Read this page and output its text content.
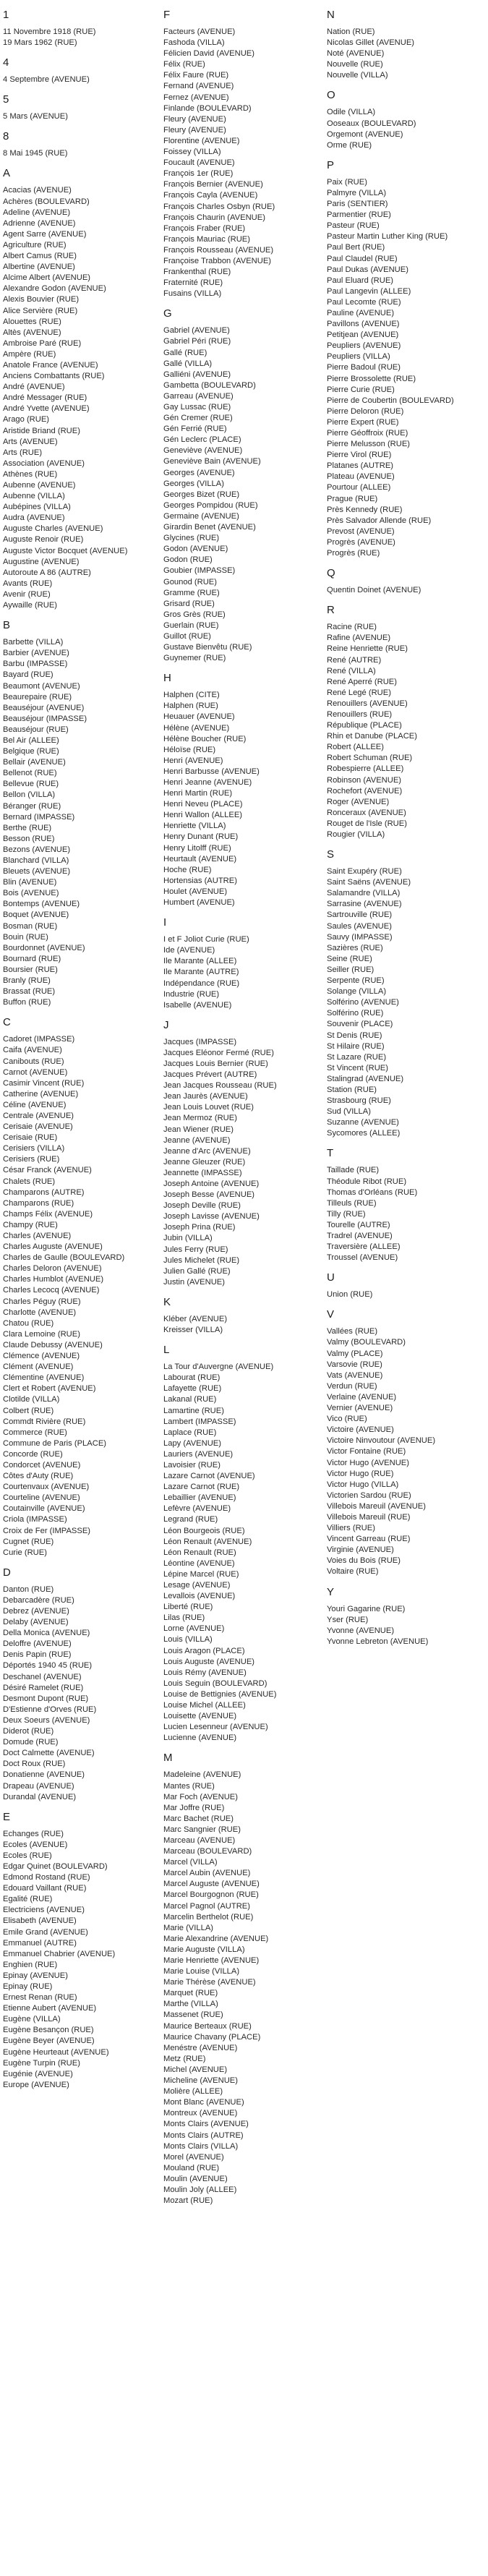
1
11 Novembre 1918 (RUE)
19 Mars 1962 (RUE)
4
4 Septembre (AVENUE)
5
5 Mars (AVENUE)
8
8 Mai 1945 (RUE)
A
Acacias (AVENUE)
Achères (BOULEVARD)
Adeline (AVENUE)
Adrienne (AVENUE)
Agent Sarre (AVENUE)
Agriculture (RUE)
Albert Camus (RUE)
Albertine (AVENUE)
Alcime Albert (AVENUE)
Alexandre Godon (AVENUE)
Alexis Bouvier (RUE)
Alice Servière (RUE)
Alouettes (RUE)
Altès (AVENUE)
Ambroise Paré (RUE)
Ampère (RUE)
Anatole France (AVENUE)
Anciens Combattants (RUE)
André (AVENUE)
André Messager (RUE)
André Yvette (AVENUE)
Arago (RUE)
Aristide Briand (RUE)
Arts (AVENUE)
Arts (RUE)
Association (AVENUE)
Athènes (RUE)
Aubenne (AVENUE)
Aubenne (VILLA)
Aubépines (VILLA)
Audra (AVENUE)
Auguste Charles (AVENUE)
Auguste Renoir (RUE)
Auguste Victor Bocquet (AVENUE)
Augustine (AVENUE)
Autoroute A 86 (AUTRE)
Avants (RUE)
Avenir (RUE)
Aywaille (RUE)
B
Barbette (VILLA)
Barbier (AVENUE)
Barbu (IMPASSE)
Bayard (RUE)
Beaumont (AVENUE)
Beaurepaire (RUE)
Beauséjour (AVENUE)
Beauséjour (IMPASSE)
Beauséjour (RUE)
Bel Air (ALLEE)
Belgique (RUE)
Bellair (AVENUE)
Bellenot (RUE)
Bellevue (RUE)
Bellon (VILLA)
Béranger (RUE)
Bernard (IMPASSE)
Berthe (RUE)
Besson (RUE)
Bezons (AVENUE)
Blanchard (VILLA)
Bleuets (AVENUE)
Blin (AVENUE)
Bois (AVENUE)
Bontemps (AVENUE)
Boquet (AVENUE)
Bosman (RUE)
Bouin (RUE)
Bourdonnet (AVENUE)
Bournard (RUE)
Boursier (RUE)
Branly (RUE)
Brassat (RUE)
Buffon (RUE)
C
Cadoret (IMPASSE)
Caifa (AVENUE)
Canibouts (RUE)
Carnot (AVENUE)
Casimir Vincent (RUE)
Catherine (AVENUE)
Céline (AVENUE)
Centrale (AVENUE)
Cerisaie (AVENUE)
Cerisaie (RUE)
Cerisiers (VILLA)
Cerisiers (RUE)
César Franck (AVENUE)
Chalets (RUE)
Champarons (AUTRE)
Champarons (RUE)
Champs Félix (AVENUE)
Champy (RUE)
Charles (AVENUE)
Charles Auguste (AVENUE)
Charles de Gaulle (BOULEVARD)
Charles Deloron (AVENUE)
Charles Humblot (AVENUE)
Charles Lecocq (AVENUE)
Charles Péguy (RUE)
Charlotte (AVENUE)
Chatou (RUE)
Clara Lemoine (RUE)
Claude Debussy (AVENUE)
Clémence (AVENUE)
Clément (AVENUE)
Clémentine (AVENUE)
Clert et Robert (AVENUE)
Clotilde (VILLA)
Colbert (RUE)
Commdt Rivière (RUE)
Commerce (RUE)
Commune de Paris (PLACE)
Concorde (RUE)
Condorcet (AVENUE)
Côtes d'Auty (RUE)
Courtenvaux (AVENUE)
Courteline (AVENUE)
Coutainville (AVENUE)
Criola (IMPASSE)
Croix de Fer (IMPASSE)
Cugnet (RUE)
Curie (RUE)
D
Danton (RUE)
Debarcadère (RUE)
Debrez (AVENUE)
Delaby (AVENUE)
Della Monica (AVENUE)
Deloffre (AVENUE)
Denis Papin (RUE)
Déportés 1940 45 (RUE)
Deschanel (AVENUE)
Désiré Ramelet (RUE)
Desmont Dupont (RUE)
D'Estienne d'Orves (RUE)
Deux Soeurs (AVENUE)
Diderot (RUE)
Domude (RUE)
Doct Calmette (AVENUE)
Doct Roux (RUE)
Donatienne (AVENUE)
Drapeau (AVENUE)
Durandal (AVENUE)
E
Echanges (RUE)
Ecoles (AVENUE)
Ecoles (RUE)
Edgar Quinet (BOULEVARD)
Edmond Rostand (RUE)
Edouard Vaillant (RUE)
Egalité (RUE)
Electriciens (AVENUE)
Elisabeth (AVENUE)
Emile Grand (AVENUE)
Emmanuel (AUTRE)
Emmanuel Chabrier (AVENUE)
Enghien (RUE)
Epinay (AVENUE)
Epinay (RUE)
Ernest Renan (RUE)
Etienne Aubert (AVENUE)
Eugène (VILLA)
Eugène Besançon (RUE)
Eugène Beyer (AVENUE)
Eugène Heurteaut (AVENUE)
Eugène Turpin (RUE)
Eugénie (AVENUE)
Europe (AVENUE)
F
Facteurs (AVENUE)
Fashoda (VILLA)
Félicien David (AVENUE)
Félix (RUE)
Félix Faure (RUE)
Fernand (AVENUE)
Fernez (AVENUE)
Finlande (BOULEVARD)
Fleury (AVENUE)
Fleury (AVENUE)
Florentine (AVENUE)
Foissey (VILLA)
Foucault (AVENUE)
François 1er (RUE)
François Bernier (AVENUE)
François Cayla (AVENUE)
François Charles Osbyn (RUE)
François Chaurin (AVENUE)
François Fraber (RUE)
François Mauriac (RUE)
François Rousseau (AVENUE)
Françoise Trabbon (AVENUE)
Frankenthal (RUE)
Fraternité (RUE)
Fusains (VILLA)
G
Gabriel (AVENUE)
Gabriel Péri (RUE)
Gallé (RUE)
Gallé (VILLA)
Galliéni (AVENUE)
Gambetta (BOULEVARD)
Garreau (AVENUE)
Gay Lussac (RUE)
Gén Cremer (RUE)
Gén Ferrié (RUE)
Gén Leclerc (PLACE)
Geneviève (AVENUE)
Geneviève Bain (AVENUE)
Georges (AVENUE)
Georges (VILLA)
Georges Bizet (RUE)
Georges Pompidou (RUE)
Germaine (AVENUE)
Girardin Benet (AVENUE)
Glycines (RUE)
Godon (AVENUE)
Godon (RUE)
Goubier (IMPASSE)
Gounod (RUE)
Gramme (RUE)
Grisard (RUE)
Gros Grès (RUE)
Guerlain (RUE)
Guillot (RUE)
Gustave Bienvêtu (RUE)
Guynemer (RUE)
H
Halphen (CITE)
Halphen (RUE)
Heuauer (AVENUE)
Hélène (AVENUE)
Hélène Boucher (RUE)
Héloïse (RUE)
Henri (AVENUE)
Henri Barbusse (AVENUE)
Henri Jeanne (AVENUE)
Henri Martin (RUE)
Henri Neveu (PLACE)
Henri Wallon (ALLEE)
Henriette (VILLA)
Henry Dunant (RUE)
Henry Litolff (RUE)
Heurtault (AVENUE)
Hoche (RUE)
Hortensias (AUTRE)
Houlet (AVENUE)
Humbert (AVENUE)
I
I et F Joliot Curie (RUE)
Ide (AVENUE)
Ile Marante (ALLEE)
Ile Marante (AUTRE)
Indépendance (RUE)
Industrie (RUE)
Isabelle (AVENUE)
J
Jacques (IMPASSE)
Jacques Eléonor Fermé (RUE)
Jacques Louis Bernier (RUE)
Jacques Prévert (AUTRE)
Jean Jacques Rousseau (RUE)
Jean Jaurès (AVENUE)
Jean Louis Louvet (RUE)
Jean Mermoz (RUE)
Jean Wiener (RUE)
Jeanne (AVENUE)
Jeanne d'Arc (AVENUE)
Jeanne Gleuzer (RUE)
Jeannette (IMPASSE)
Joseph Antoine (AVENUE)
Joseph Besse (AVENUE)
Joseph Deville (RUE)
Joseph Lavisse (AVENUE)
Joseph Prina (RUE)
Jubin (VILLA)
Jules Ferry (RUE)
Jules Michelet (RUE)
Julien Gallé (RUE)
Justin (AVENUE)
K
Kléber (AVENUE)
Kreisser (VILLA)
L
La Tour d'Auvergne (AVENUE)
Labourat (RUE)
Lafayette (RUE)
Lakanal (RUE)
Lamartine (RUE)
Lambert (IMPASSE)
Laplace (RUE)
Lapy (AVENUE)
Lauriers (AVENUE)
Lavoisier (RUE)
Lazare Carnot (AVENUE)
Lazare Carnot (RUE)
Lebaillier (AVENUE)
Lefèvre (AVENUE)
Legrand (RUE)
Léon Bourgeois (RUE)
Léon Renault (AVENUE)
Léon Renault (RUE)
Léontine (AVENUE)
Lépine Marcel (RUE)
Lesage (AVENUE)
Levallois (AVENUE)
Liberté (RUE)
Lilas (RUE)
Lorne (AVENUE)
Louis (VILLA)
Louis Aragon (PLACE)
Louis Auguste (AVENUE)
Louis Rémy (AVENUE)
Louis Seguin (BOULEVARD)
Louise de Bettignies (AVENUE)
Louise Michel (ALLEE)
Louisette (AVENUE)
Lucien Lesenneur (AVENUE)
Lucienne (AVENUE)
M
Madeleine (AVENUE)
Mantes (RUE)
Mar Foch (AVENUE)
Mar Joffre (RUE)
Marc Bachet (RUE)
Marc Sangnier (RUE)
Marceau (AVENUE)
Marceau (BOULEVARD)
Marcel (VILLA)
Marcel Aubin (AVENUE)
Marcel Auguste (AVENUE)
Marcel Bourgognon (RUE)
Marcel Pagnol (AUTRE)
Marcelin Berthelot (RUE)
Marie (VILLA)
Marie Alexandrine (AVENUE)
Marie Auguste (VILLA)
Marie Henriette (AVENUE)
Marie Louise (VILLA)
Marie Thérèse (AVENUE)
Marquet (RUE)
Marthe (VILLA)
Massenet (RUE)
Maurice Berteaux (RUE)
Maurice Chavany (PLACE)
Menéstre (AVENUE)
Metz (RUE)
Michel (AVENUE)
Micheline (AVENUE)
Molière (ALLEE)
Mont Blanc (AVENUE)
Montreux (AVENUE)
Monts Clairs (AVENUE)
Monts Clairs (AUTRE)
Monts Clairs (VILLA)
Morel (AVENUE)
Mouland (RUE)
Moulin (AVENUE)
Moulin Joly (ALLEE)
Mozart (RUE)
N
Nation (RUE)
Nicolas Gillet (AVENUE)
Noté (AVENUE)
Nouvelle (RUE)
Nouvelle (VILLA)
O
Odile (VILLA)
Ooseaux (BOULEVARD)
Orgemont (AVENUE)
Orme (RUE)
P
Paix (RUE)
Palmyre (VILLA)
Paris (SENTIER)
Parmentier (RUE)
Pasteur (RUE)
Pasteur Martin Luther King (RUE)
Paul Bert (RUE)
Paul Claudel (RUE)
Paul Dukas (AVENUE)
Paul Eluard (RUE)
Paul Langevin (ALLEE)
Paul Lecomte (RUE)
Pauline (AVENUE)
Pavillons (AVENUE)
Petitjean (AVENUE)
Peupliers (AVENUE)
Peupliers (VILLA)
Pierre Badoul (RUE)
Pierre Brossolette (RUE)
Pierre Curie (RUE)
Pierre de Coubertin (BOULEVARD)
Pierre Deloron (RUE)
Pierre Expert (RUE)
Pierre Géoffroix (RUE)
Pierre Melusson (RUE)
Pierre Virol (RUE)
Platanes (AUTRE)
Plateau (AVENUE)
Pourtour (ALLEE)
Prague (RUE)
Près Kennedy (RUE)
Près Salvador Allende (RUE)
Prevost (AVENUE)
Progrès (AVENUE)
Progrès (RUE)
Q
Quentin Doinet (AVENUE)
R
Racine (RUE)
Rafine (AVENUE)
Reine Henriette (RUE)
René (AUTRE)
René (VILLA)
René Aperré (RUE)
René Legé (RUE)
Renouillers (AVENUE)
Renouillers (RUE)
République (PLACE)
Rhin et Danube (PLACE)
Robert (ALLEE)
Robert Schuman (RUE)
Robespierre (ALLEE)
Robinson (AVENUE)
Rochefort (AVENUE)
Roger (AVENUE)
Ronceraux (AVENUE)
Rouget de l'Isle (RUE)
Rougier (VILLA)
S
Saint Exupéry (RUE)
Saint Saëns (AVENUE)
Salamandre (VILLA)
Sarrasine (AVENUE)
Sartrouville (RUE)
Saules (AVENUE)
Sauvy (IMPASSE)
Sazières (RUE)
Seine (RUE)
Seiller (RUE)
Serpente (RUE)
Solange (VILLA)
Solférino (AVENUE)
Solférino (RUE)
Souvenir (PLACE)
St Denis (RUE)
St Hilaire (RUE)
St Lazare (RUE)
St Vincent (RUE)
Stalingrad (AVENUE)
Station (RUE)
Strasbourg (RUE)
Sud (VILLA)
Suzanne (AVENUE)
Sycomores (ALLEE)
T
Taillade (RUE)
Théodule Ribot (RUE)
Thomas d'Orléans (RUE)
Tilleuls (RUE)
Tilly (RUE)
Tourelle (AUTRE)
Tradrel (AVENUE)
Traversière (ALLEE)
Troussel (AVENUE)
U
Union (RUE)
V
Vallées (RUE)
Valmy (BOULEVARD)
Valmy (PLACE)
Varsovie (RUE)
Vats (AVENUE)
Verdun (RUE)
Verlaine (AVENUE)
Vernier (AVENUE)
Vico (RUE)
Victoire (AVENUE)
Victoire Ninvoutour (AVENUE)
Victor Fontaine (RUE)
Victor Hugo (AVENUE)
Victor Hugo (RUE)
Victor Hugo (VILLA)
Victorien Sardou (RUE)
Villebois Mareuil (AVENUE)
Villebois Mareuil (RUE)
Villiers (RUE)
Vincent Garreau (RUE)
Virginie (AVENUE)
Voies du Bois (RUE)
Voltaire (RUE)
Y
Youri Gagarine (RUE)
Yser (RUE)
Yvonne (AVENUE)
Yvonne Lebreton (AVENUE)
